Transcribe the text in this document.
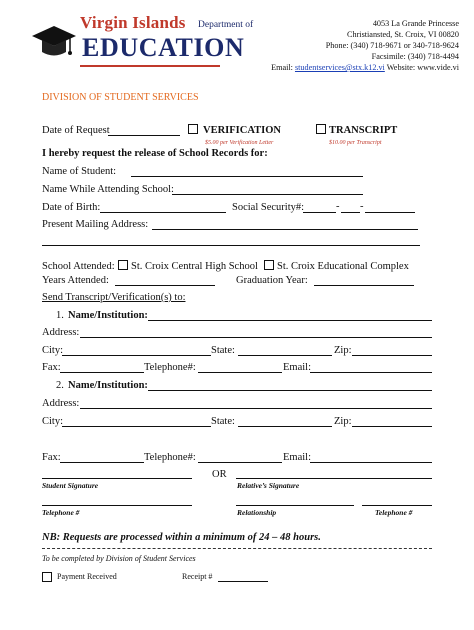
Virgin Islands Department of
EDUCATION
4053 La Grande Princesse
Christiansted, St. Croix, VI 00820
Phone: (340) 718-9671 or 340-718-9624
Facsimile: (340) 718-4494
Email: studentservices@stx.k12.vi Website: www.vide.vi
DIVISION OF STUDENT SERVICES
Date of Request	VERIFICATION
$5.00 per Verification Letter
TRANSCRIPT
$10.00 per Transcript
I hereby request the release of School Records for:
Name of Student:
Name While Attending School:
Date of Birth:	Social Security#:	- -
Present Mailing Address:
School Attended: St. Croix Central High School St. Croix Educational Complex
Years Attended:	Graduation Year:
Send Transcript/Verification(s) to:
1. Name/Institution:
Address:
City:	State:	Zip:
Fax:	Telephone#:	Email:
2. Name/Institution:
Address:
City:	State:	Zip:
Fax:	Telephone#:	Email:
OR
Student Signature	Relative’s Signature
Telephone #	Relationship	Telephone #
NB: Requests are processed within a minimum of 24 – 48 hours.
To be completed by Division of Student Services
Payment Received	Receipt #
